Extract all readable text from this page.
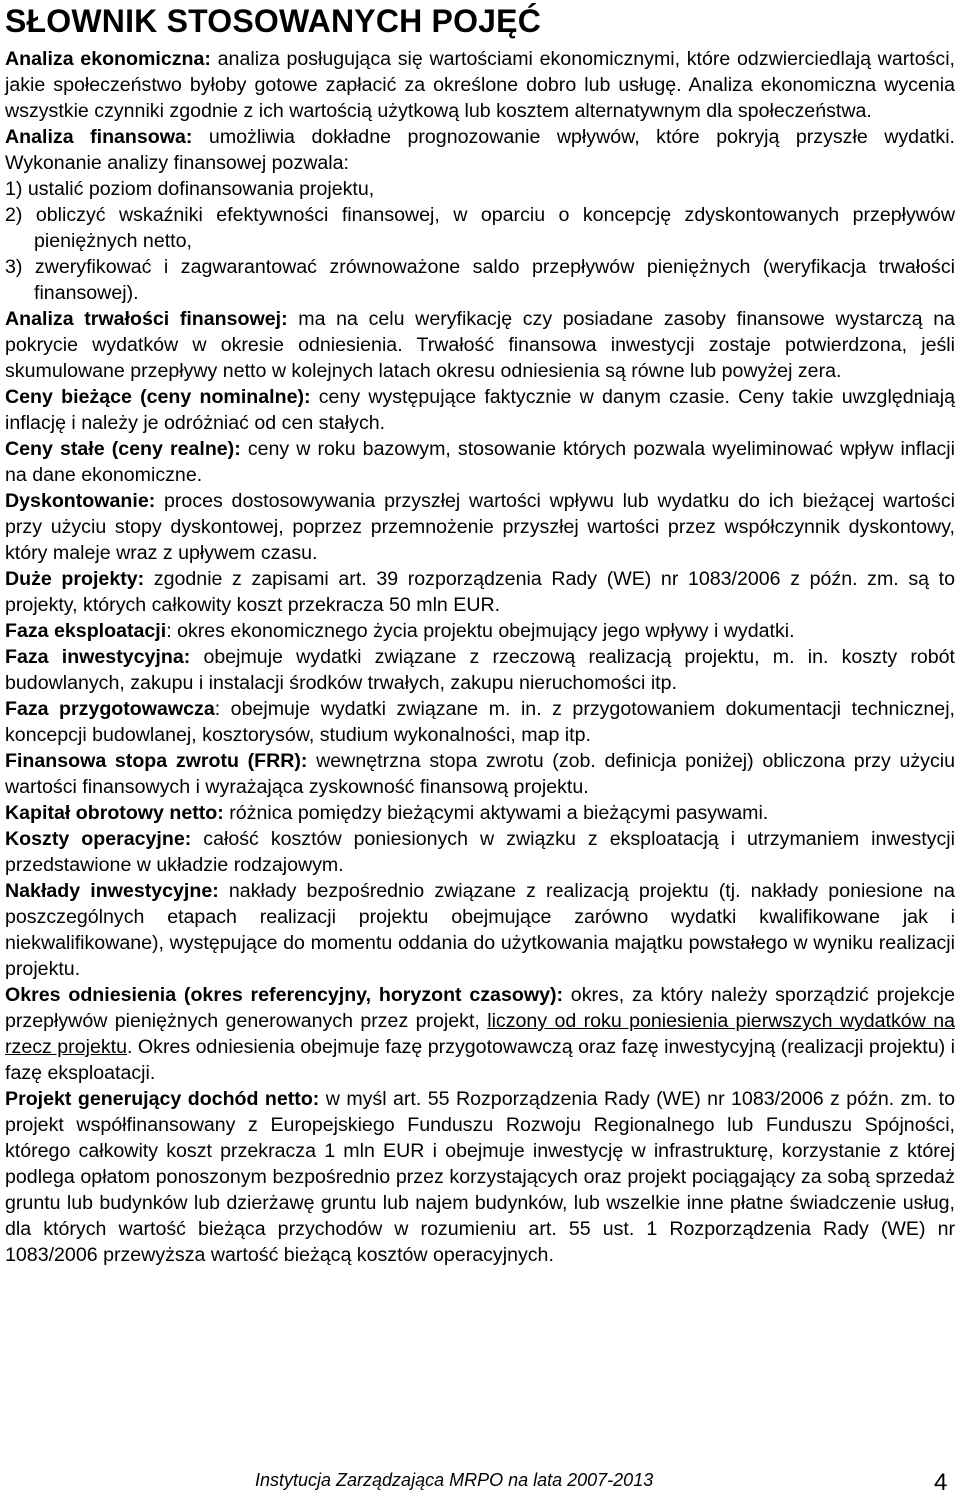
SŁOWNIK STOSOWANYCH POJĘĆ

Analiza ekonomiczna: analiza posługująca się wartościami ekonomicznymi, które odzwierciedlają wartości, jakie społeczeństwo byłoby gotowe zapłacić za określone dobro lub usługę. Analiza ekonomiczna wycenia wszystkie czynniki zgodnie z ich wartością użytkową lub kosztem alternatywnym dla społeczeństwa.

Analiza finansowa: umożliwia dokładne prognozowanie wpływów, które pokryją przyszłe wydatki. Wykonanie analizy finansowej pozwala:

1) ustalić poziom dofinansowania projektu,

2) obliczyć wskaźniki efektywności finansowej, w oparciu o koncepcję zdyskontowanych przepływów pieniężnych netto,

3) zweryfikować i zagwarantować zrównoważone saldo przepływów pieniężnych (weryfikacja trwałości finansowej).

Analiza trwałości finansowej: ma na celu weryfikację czy posiadane zasoby finansowe wystarczą na pokrycie wydatków w okresie odniesienia. Trwałość finansowa inwestycji zostaje potwierdzona, jeśli skumulowane przepływy netto w kolejnych latach okresu odniesienia są równe lub powyżej zera.

Ceny bieżące (ceny nominalne): ceny występujące faktycznie w danym czasie. Ceny takie uwzględniają inflację i należy je odróżniać od cen stałych.

Ceny stałe (ceny realne): ceny w roku bazowym, stosowanie których pozwala wyeliminować wpływ inflacji na dane ekonomiczne.

Dyskontowanie: proces dostosowywania przyszłej wartości wpływu lub wydatku do ich bieżącej wartości przy użyciu stopy dyskontowej, poprzez przemnożenie przyszłej wartości przez współczynnik dyskontowy, który maleje wraz z upływem czasu.

Duże projekty: zgodnie z zapisami art. 39 rozporządzenia Rady (WE) nr 1083/2006 z późn. zm. są to projekty, których całkowity koszt przekracza 50 mln EUR.

Faza eksploatacji: okres ekonomicznego życia projektu obejmujący jego wpływy i wydatki.

Faza inwestycyjna: obejmuje wydatki związane z rzeczową realizacją projektu, m. in. koszty robót budowlanych, zakupu i instalacji środków trwałych, zakupu nieruchomości itp.

Faza przygotowawcza: obejmuje wydatki związane m. in. z przygotowaniem dokumentacji technicznej, koncepcji budowlanej, kosztorysów, studium wykonalności, map itp.

Finansowa stopa zwrotu (FRR): wewnętrzna stopa zwrotu (zob. definicja poniżej) obliczona przy użyciu wartości finansowych i wyrażająca zyskowność finansową projektu.

Kapitał obrotowy netto: różnica pomiędzy bieżącymi aktywami a bieżącymi pasywami.

Koszty operacyjne: całość kosztów poniesionych w związku z eksploatacją i utrzymaniem inwestycji przedstawione w układzie rodzajowym.

Nakłady inwestycyjne: nakłady bezpośrednio związane z realizacją projektu (tj. nakłady poniesione na poszczególnych etapach realizacji projektu obejmujące zarówno wydatki kwalifikowane jak i niekwalifikowane), występujące do momentu oddania do użytkowania majątku powstałego w wyniku realizacji projektu.

Okres odniesienia (okres referencyjny, horyzont czasowy): okres, za który należy sporządzić projekcje przepływów pieniężnych generowanych przez projekt, liczony od roku poniesienia pierwszych wydatków na rzecz projektu. Okres odniesienia obejmuje fazę przygotowawczą oraz fazę inwestycyjną (realizacji projektu) i fazę eksploatacji.

Projekt generujący dochód netto: w myśl art. 55 Rozporządzenia Rady (WE) nr 1083/2006 z późn. zm. to projekt współfinansowany z Europejskiego Funduszu Rozwoju Regionalnego lub Funduszu Spójności, którego całkowity koszt przekracza 1 mln EUR i obejmuje inwestycję w infrastrukturę, korzystanie z której podlega opłatom ponoszonym bezpośrednio przez korzystających oraz projekt pociągający za sobą sprzedaż gruntu lub budynków lub dzierżawę gruntu lub najem budynków, lub wszelkie inne płatne świadczenie usług, dla których wartość bieżąca przychodów w rozumieniu art. 55 ust. 1 Rozporządzenia Rady (WE) nr 1083/2006 przewyższa wartość bieżącą kosztów operacyjnych.

Instytucja Zarządzająca MRPO na lata 2007-2013	4
